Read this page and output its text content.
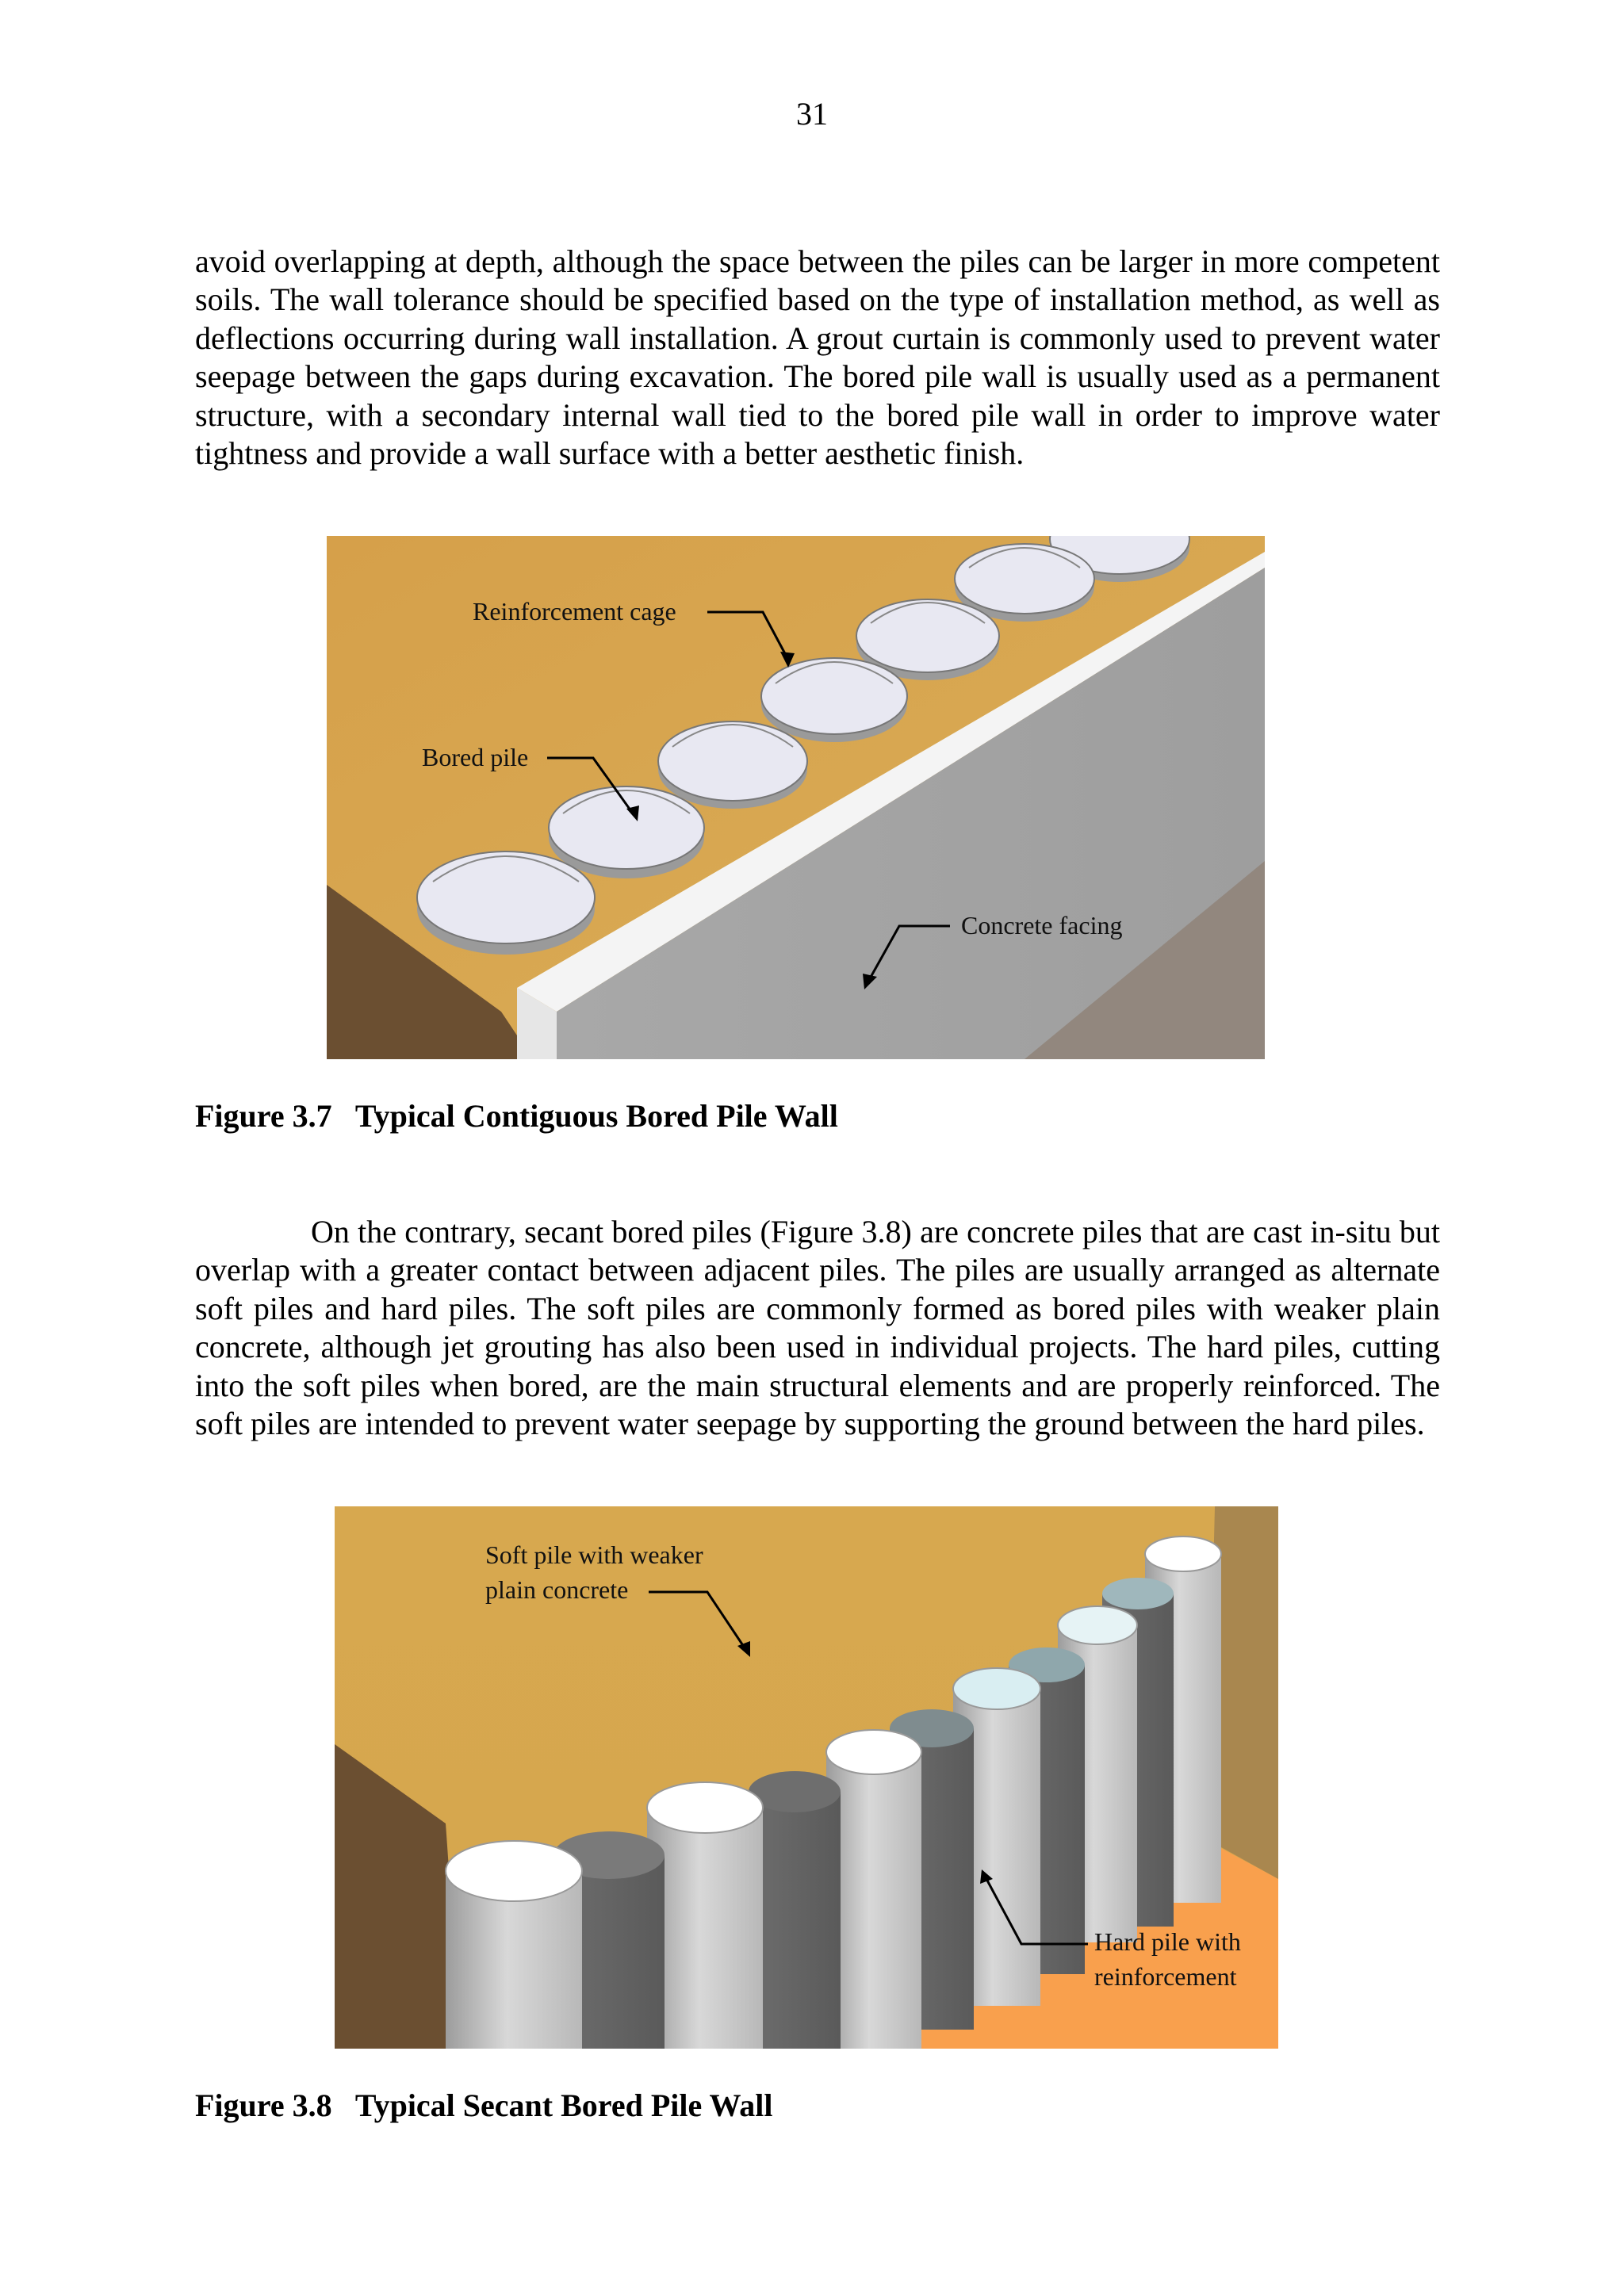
31

avoid overlapping at depth, although the space between the piles can be larger in more competent soils. The wall tolerance should be specified based on the type of installation method, as well as deflections occurring during wall installation. A grout curtain is commonly used to prevent water seepage between the gaps during excavation. The bored pile wall is usually used as a permanent structure, with a secondary internal wall tied to the bored pile wall in order to improve water tightness and provide a wall surface with a better aesthetic finish.

Reinforcement cage
Bored pile
Concrete facing
Figure 3.7   Typical Contiguous Bored Pile Wall

On the contrary, secant bored piles (Figure 3.8) are concrete piles that are cast in-situ but overlap with a greater contact between adjacent piles. The piles are usually arranged as alternate soft piles and hard piles. The soft piles are commonly formed as bored piles with weaker plain concrete, although jet grouting has also been used in individual projects. The hard piles, cutting into the soft piles when bored, are the main structural elements and are properly reinforced. The soft piles are intended to prevent water seepage by supporting the ground between the hard piles.

Soft pile with weaker
plain concrete
Hard pile with
reinforcement
Figure 3.8   Typical Secant Bored Pile Wall
